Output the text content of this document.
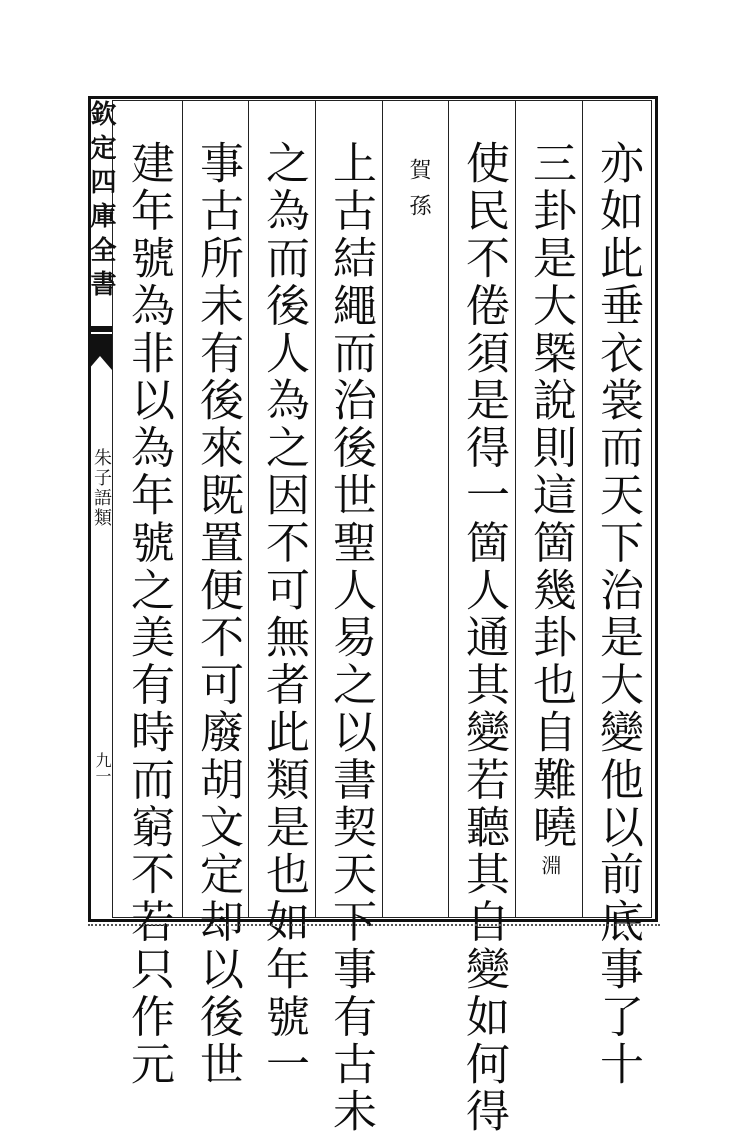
欽定四庫全書
朱子語類
九一	亦如此垂衣裳而天下治是大變他以前底事了十
三卦是大槩說則這箇幾卦也自難曉
淵
使民不倦須是得一箇人通其變若聽其自變如何得
賀孫
上古結繩而治後世聖人易之以書契天下事有古未
之為而後人為之因不可無者此類是也如年號一
事古所未有後來既置便不可廢胡文定却以後世
建年號為非以為年號之美有時而窮不若只作元
